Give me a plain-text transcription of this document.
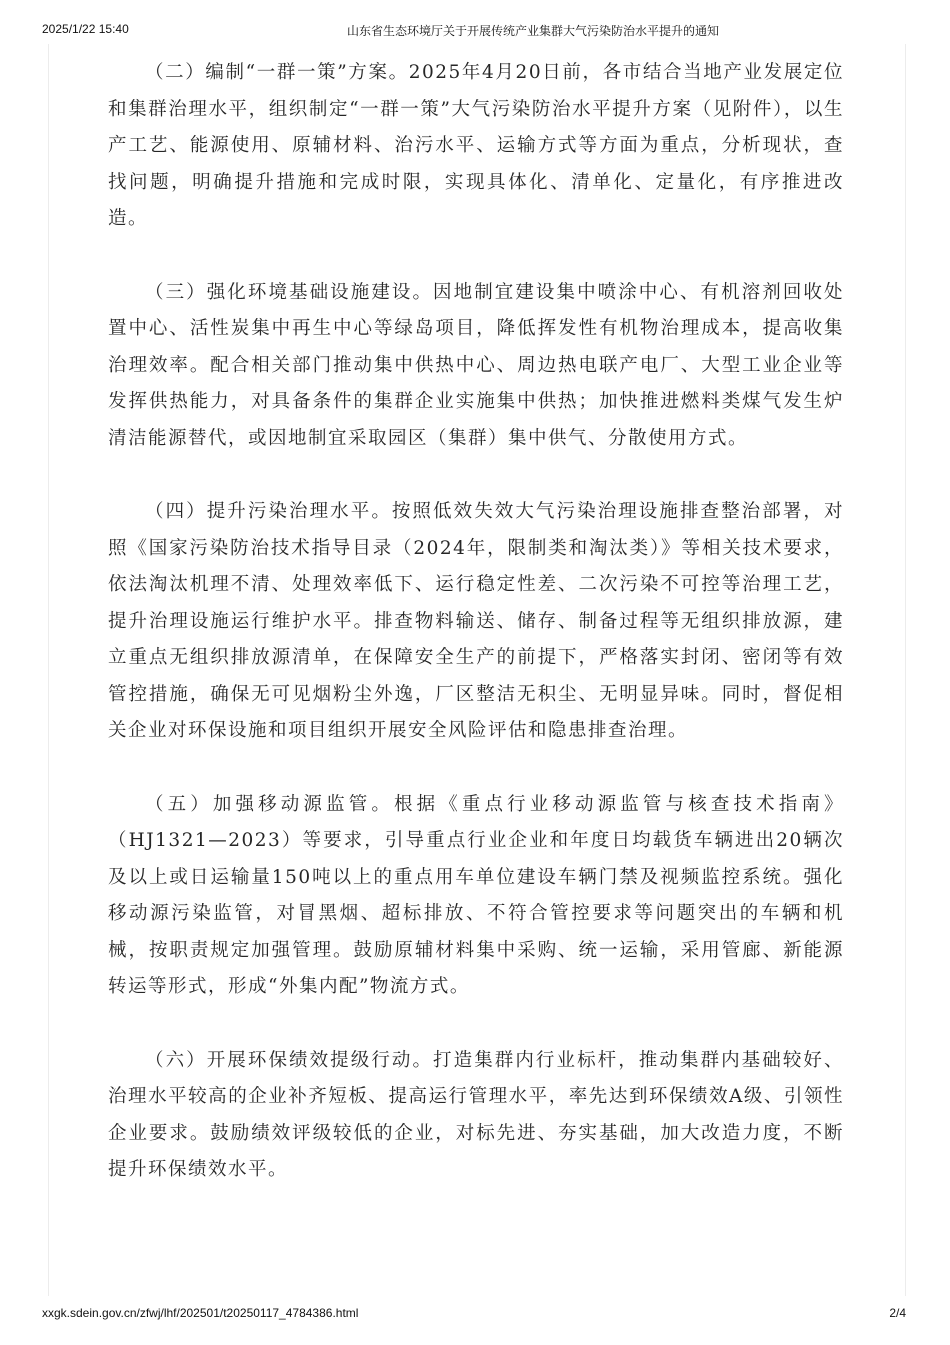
2025/1/22 15:40	山东省生态环境厅关于开展传统产业集群大气污染防治水平提升的通知

（二）编制“一群一策”方案。2025年4月20日前，各市结合当地产业发展定位和集群治理水平，组织制定“一群一策”大气污染防治水平提升方案（见附件），以生产工艺、能源使用、原辅材料、治污水平、运输方式等方面为重点，分析现状，查找问题，明确提升措施和完成时限，实现具体化、清单化、定量化，有序推进改造。

（三）强化环境基础设施建设。因地制宜建设集中喷涂中心、有机溶剂回收处置中心、活性炭集中再生中心等绿岛项目，降低挥发性有机物治理成本，提高收集治理效率。配合相关部门推动集中供热中心、周边热电联产电厂、大型工业企业等发挥供热能力，对具备条件的集群企业实施集中供热；加快推进燃料类煤气发生炉清洁能源替代，或因地制宜采取园区（集群）集中供气、分散使用方式。

（四）提升污染治理水平。按照低效失效大气污染治理设施排查整治部署，对照《国家污染防治技术指导目录（2024年，限制类和淘汰类）》等相关技术要求，依法淘汰机理不清、处理效率低下、运行稳定性差、二次污染不可控等治理工艺，提升治理设施运行维护水平。排查物料输送、储存、制备过程等无组织排放源，建立重点无组织排放源清单，在保障安全生产的前提下，严格落实封闭、密闭等有效管控措施，确保无可见烟粉尘外逸，厂区整洁无积尘、无明显异味。同时，督促相关企业对环保设施和项目组织开展安全风险评估和隐患排查治理。

（五）加强移动源监管。根据《重点行业移动源监管与核查技术指南》（HJ1321—2023）等要求，引导重点行业企业和年度日均载货车辆进出20辆次及以上或日运输量150吨以上的重点用车单位建设车辆门禁及视频监控系统。强化移动源污染监管，对冒黑烟、超标排放、不符合管控要求等问题突出的车辆和机械，按职责规定加强管理。鼓励原辅材料集中采购、统一运输，采用管廊、新能源转运等形式，形成“外集内配”物流方式。

（六）开展环保绩效提级行动。打造集群内行业标杆，推动集群内基础较好、治理水平较高的企业补齐短板、提高运行管理水平，率先达到环保绩效A级、引领性企业要求。鼓励绩效评级较低的企业，对标先进、夯实基础，加大改造力度，不断提升环保绩效水平。

xxgk.sdein.gov.cn/zfwj/lhf/202501/t20250117_4784386.html	2/4
